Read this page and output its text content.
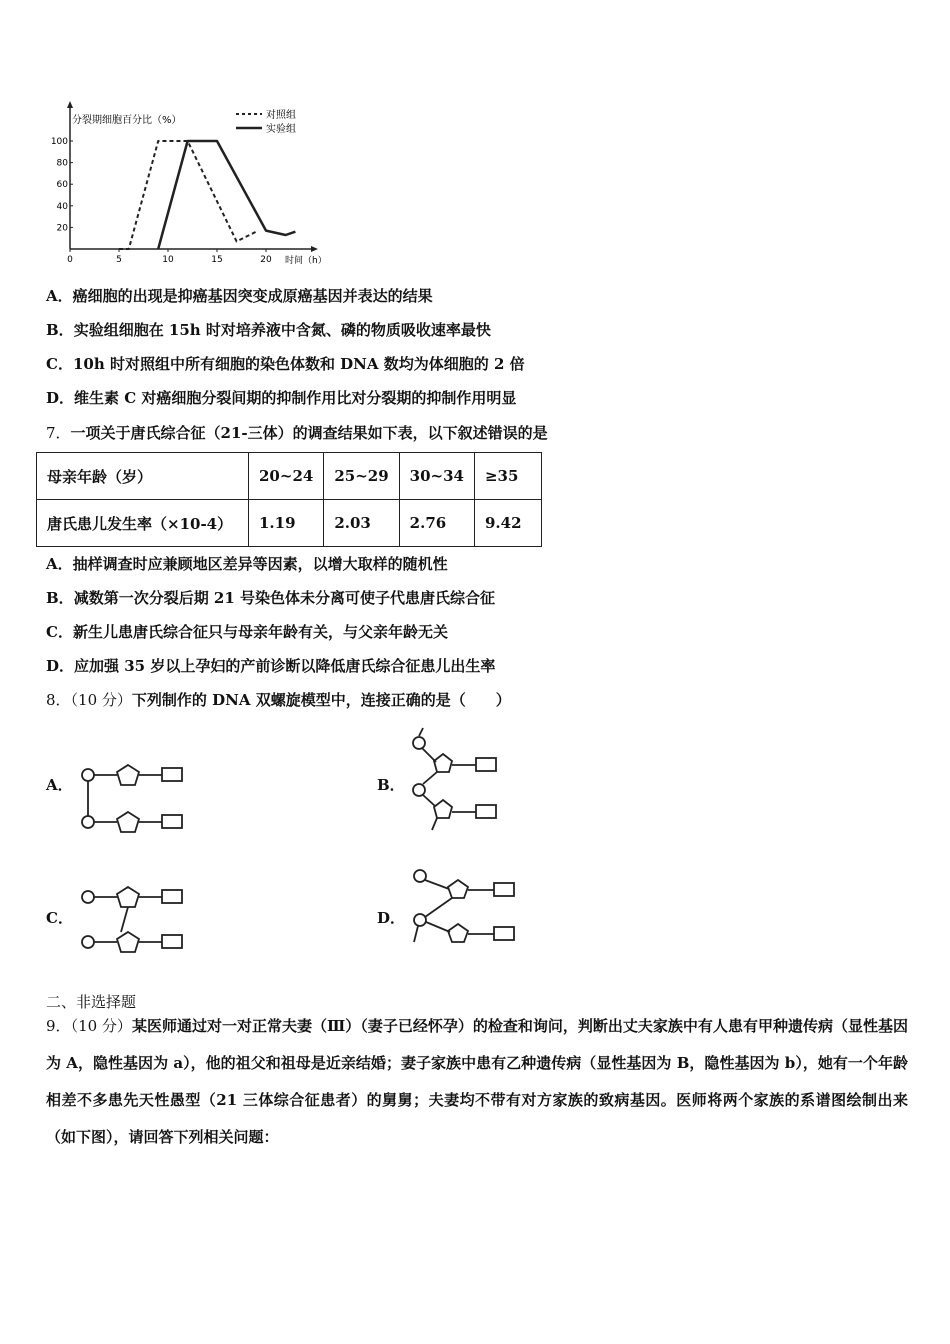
0	5	10	15	20
20
40
60
80
100
分裂期细胞百分比（%）
时间（h）
对照组
实验组
A．癌细胞的出现是抑癌基因突变成原癌基因并表达的结果
B．实验组细胞在 15h 时对培养液中含氮、磷的物质吸收速率最快
C．10h 时对照组中所有细胞的染色体数和 DNA 数均为体细胞的 2 倍
D．维生素 C 对癌细胞分裂间期的抑制作用比对分裂期的抑制作用明显
7．一项关于唐氏综合征（21-三体）的调查结果如下表，以下叙述错误的是
母亲年龄（岁）	20~24	25~29	30~34	≥35
唐氏患儿发生率（×10-4）	1.19	2.03	2.76	9.42
A．抽样调查时应兼顾地区差异等因素，以增大取样的随机性
B．减数第一次分裂后期 21 号染色体未分离可使子代患唐氏综合征
C．新生儿患唐氏综合征只与母亲年龄有关，与父亲年龄无关
D．应加强 35 岁以上孕妇的产前诊断以降低唐氏综合征患儿出生率
8．（10 分）下列制作的 DNA 双螺旋模型中，连接正确的是（　　）
A．	B．
C．	D．
二、非选择题
9．（10 分）某医师通过对一对正常夫妻（Ⅲ）（妻子已经怀孕）的检查和询问，判断出丈夫家族中有人患有甲种遗传病（显性基因为 A，隐性基因为 a），他的祖父和祖母是近亲结婚；妻子家族中患有乙种遗传病（显性基因为 B，隐性基因为 b），她有一个年龄相差不多患先天性愚型（21 三体综合征患者）的舅舅；夫妻均不带有对方家族的致病基因。医师将两个家族的系谱图绘制出来（如下图），请回答下列相关问题：
